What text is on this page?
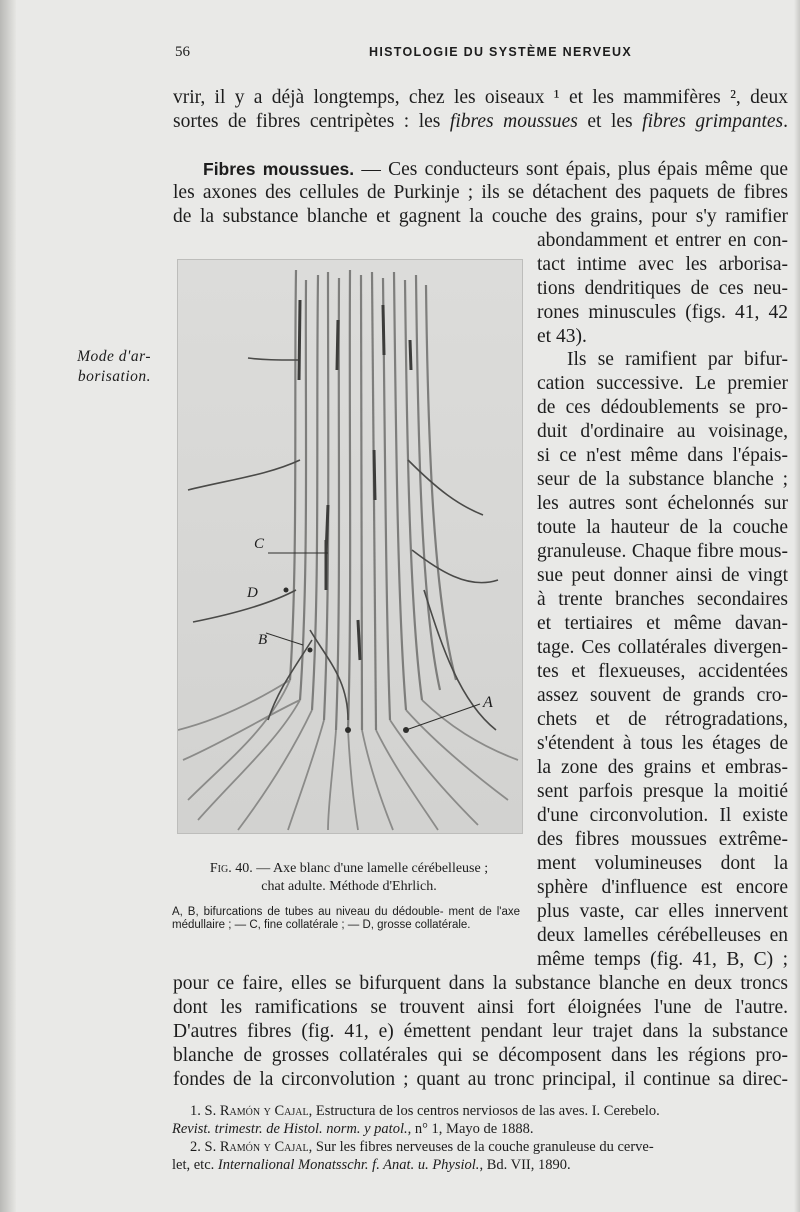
56	HISTOLOGIE DU SYSTÈME NERVEUX
vrir, il y a déjà longtemps, chez les oiseaux ¹ et les mammifères ², deux
sortes de fibres centripètes : les fibres moussues et les fibres grimpantes.
Fibres moussues. — Ces conducteurs sont épais, plus épais même que
les axones des cellules de Purkinje ; ils se détachent des paquets de fibres
de la substance blanche et gagnent la couche des grains, pour s'y ramifier
Mode d'ar-
borisation.
C
D
B
A
Fig. 40. — Axe blanc d'une lamelle cérébelleuse ;
chat adulte. Méthode d'Ehrlich.
A, B, bifurcations de tubes au niveau du dédouble- ment de l'axe médullaire ; — C, fine collatérale ; — D, grosse collatérale.
abondamment et entrer en con-
tact intime avec les arborisa-
tions dendritiques de ces neu-
rones minuscules (figs. 41, 42
et 43).
Ils se ramifient par bifur-
cation successive. Le premier
de ces dédoublements se pro-
duit d'ordinaire au voisinage,
si ce n'est même dans l'épais-
seur de la substance blanche ;
les autres sont échelonnés sur
toute la hauteur de la couche
granuleuse. Chaque fibre mous-
sue peut donner ainsi de vingt
à trente branches secondaires
et tertiaires et même davan-
tage. Ces collatérales divergen-
tes et flexueuses, accidentées
assez souvent de grands cro-
chets et de rétrogradations,
s'étendent à tous les étages de
la zone des grains et embras-
sent parfois presque la moitié
d'une circonvolution. Il existe
des fibres moussues extrême-
ment volumineuses dont la
sphère d'influence est encore
plus vaste, car elles innervent
deux lamelles cérébelleuses en
même temps (fig. 41, B, C) ;
pour ce faire, elles se bifurquent dans la substance blanche en deux troncs
dont les ramifications se trouvent ainsi fort éloignées l'une de l'autre.
D'autres fibres (fig. 41, e) émettent pendant leur trajet dans la substance
blanche de grosses collatérales qui se décomposent dans les régions pro-
fondes de la circonvolution ; quant au tronc principal, il continue sa direc-
1. S. Ramón y Cajal, Estructura de los centros nerviosos de las aves. I. Cerebelo.
Revist. trimestr. de Histol. norm. y patol., n° 1, Mayo de 1888.
2. S. Ramón y Cajal, Sur les fibres nerveuses de la couche granuleuse du cerve-
let, etc. Internalional Monatsschr. f. Anat. u. Physiol., Bd. VII, 1890.
